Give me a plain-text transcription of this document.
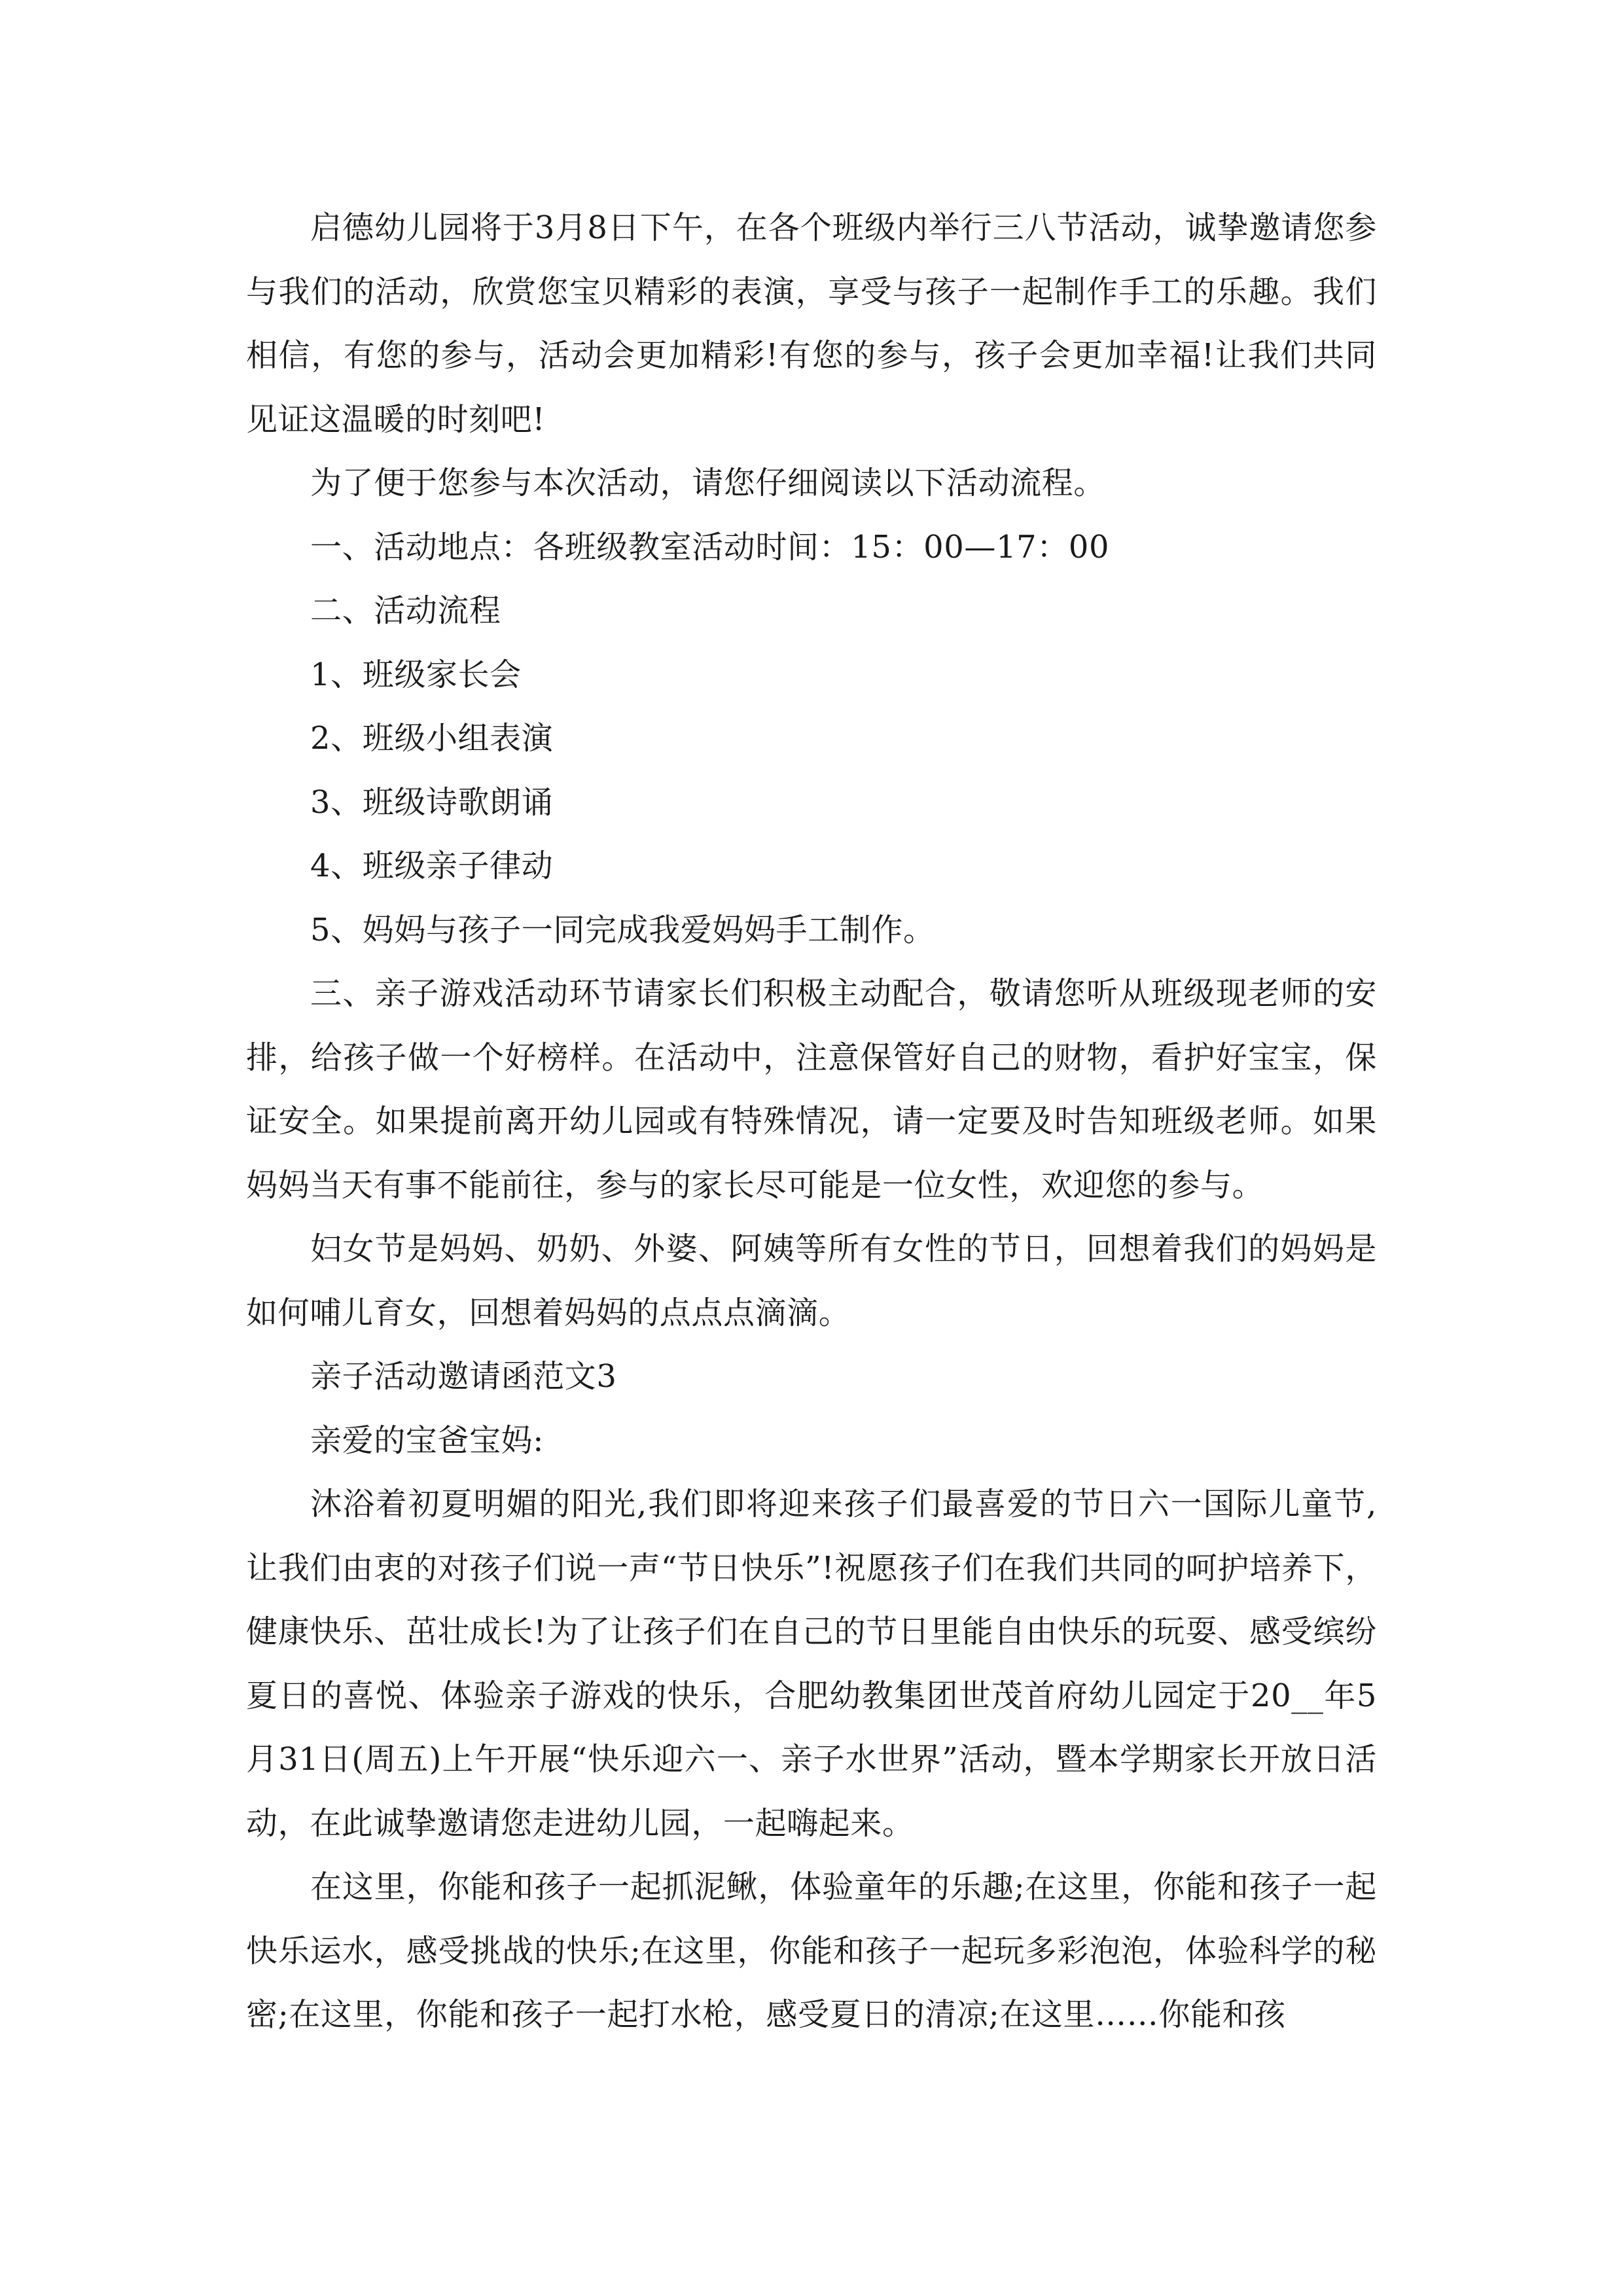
启德幼儿园将于3月8日下午，在各个班级内举行三八节活动，诚挚邀请您参与我们的活动，欣赏您宝贝精彩的表演，享受与孩子一起制作手工的乐趣。我们相信，有您的参与，活动会更加精彩!有您的参与，孩子会更加幸福!让我们共同见证这温暖的时刻吧!

为了便于您参与本次活动，请您仔细阅读以下活动流程。

一、活动地点：各班级教室活动时间：15：00—17：00

二、活动流程

1、班级家长会

2、班级小组表演

3、班级诗歌朗诵

4、班级亲子律动

5、妈妈与孩子一同完成我爱妈妈手工制作。

三、亲子游戏活动环节请家长们积极主动配合，敬请您听从班级现老师的安排，给孩子做一个好榜样。在活动中，注意保管好自己的财物，看护好宝宝，保证安全。如果提前离开幼儿园或有特殊情况，请一定要及时告知班级老师。如果妈妈当天有事不能前往，参与的家长尽可能是一位女性，欢迎您的参与。

妇女节是妈妈、奶奶、外婆、阿姨等所有女性的节日，回想着我们的妈妈是如何哺儿育女，回想着妈妈的点点点滴滴。

亲子活动邀请函范文3

亲爱的宝爸宝妈:

沐浴着初夏明媚的阳光,我们即将迎来孩子们最喜爱的节日六一国际儿童节,让我们由衷的对孩子们说一声“节日快乐”!祝愿孩子们在我们共同的呵护培养下，健康快乐、茁壮成长!为了让孩子们在自己的节日里能自由快乐的玩耍、感受缤纷夏日的喜悦、体验亲子游戏的快乐，合肥幼教集团世茂首府幼儿园定于20__年5月31日(周五)上午开展“快乐迎六一、亲子水世界”活动，暨本学期家长开放日活动，在此诚挚邀请您走进幼儿园，一起嗨起来。

在这里，你能和孩子一起抓泥鳅，体验童年的乐趣;在这里，你能和孩子一起快乐运水，感受挑战的快乐;在这里，你能和孩子一起玩多彩泡泡，体验科学的秘密;在这里，你能和孩子一起打水枪，感受夏日的清凉;在这里……你能和孩
